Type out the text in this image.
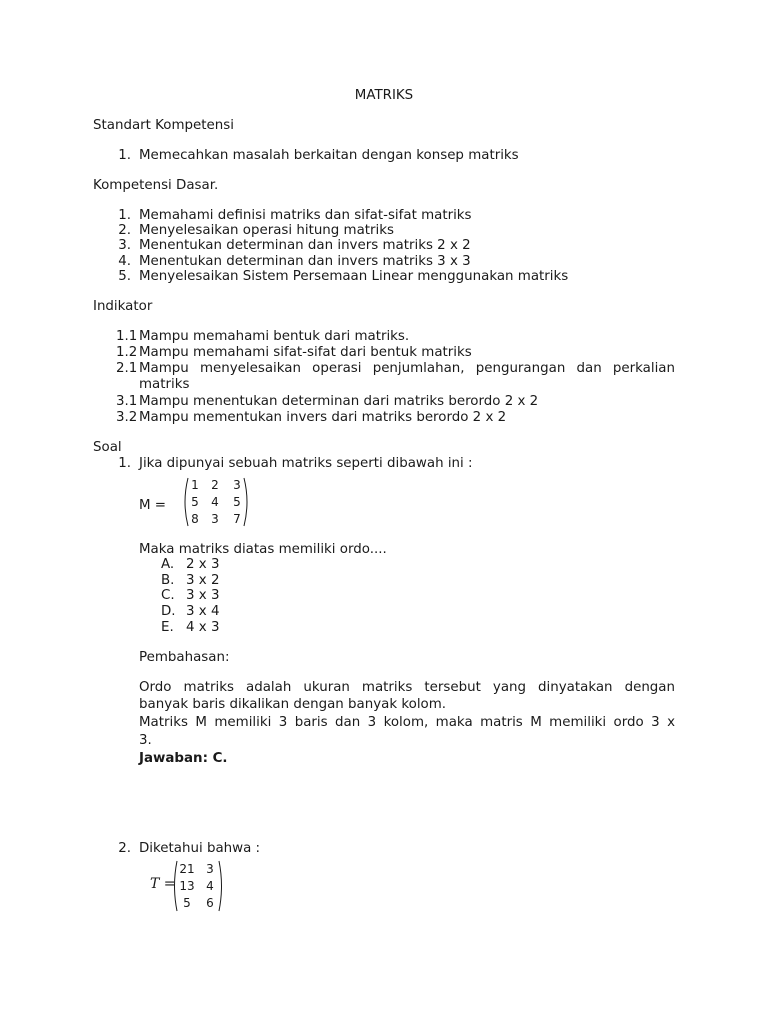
MATRIKS
Standart Kompetensi
1. Memecahkan masalah berkaitan dengan konsep matriks
Kompetensi Dasar.
1. Memahami definisi matriks dan sifat-sifat matriks
2. Menyelesaikan operasi hitung matriks
3. Menentukan determinan dan invers matriks 2 x 2
4. Menentukan determinan dan invers matriks 3 x 3
5. Menyelesaikan Sistem Persemaan Linear menggunakan matriks
Indikator
1.1 Mampu memahami bentuk dari matriks.
1.2 Mampu memahami sifat-sifat dari bentuk matriks
2.1 Mampu menyelesaikan operasi penjumlahan, pengurangan dan perkalian
matriks
3.1 Mampu menentukan determinan dari matriks berordo 2 x 2
3.2 Mampu mementukan invers dari matriks berordo 2 x 2
Soal
1. Jika dipunyai sebuah matriks seperti dibawah ini :
M =
1 2 3
5 4 5
8 3 7
Maka matriks diatas memiliki ordo....
A. 2 x 3
B. 3 x 2
C. 3 x 3
D. 3 x 4
E. 4 x 3
Pembahasan:
Ordo matriks adalah ukuran matriks tersebut yang dinyatakan dengan
banyak baris dikalikan dengan banyak kolom.
Matriks M memiliki 3 baris dan 3 kolom, maka matris M memiliki ordo 3 x
3.
Jawaban: C.
2. Diketahui bahwa :
T =
21 3
13 4
5	6
